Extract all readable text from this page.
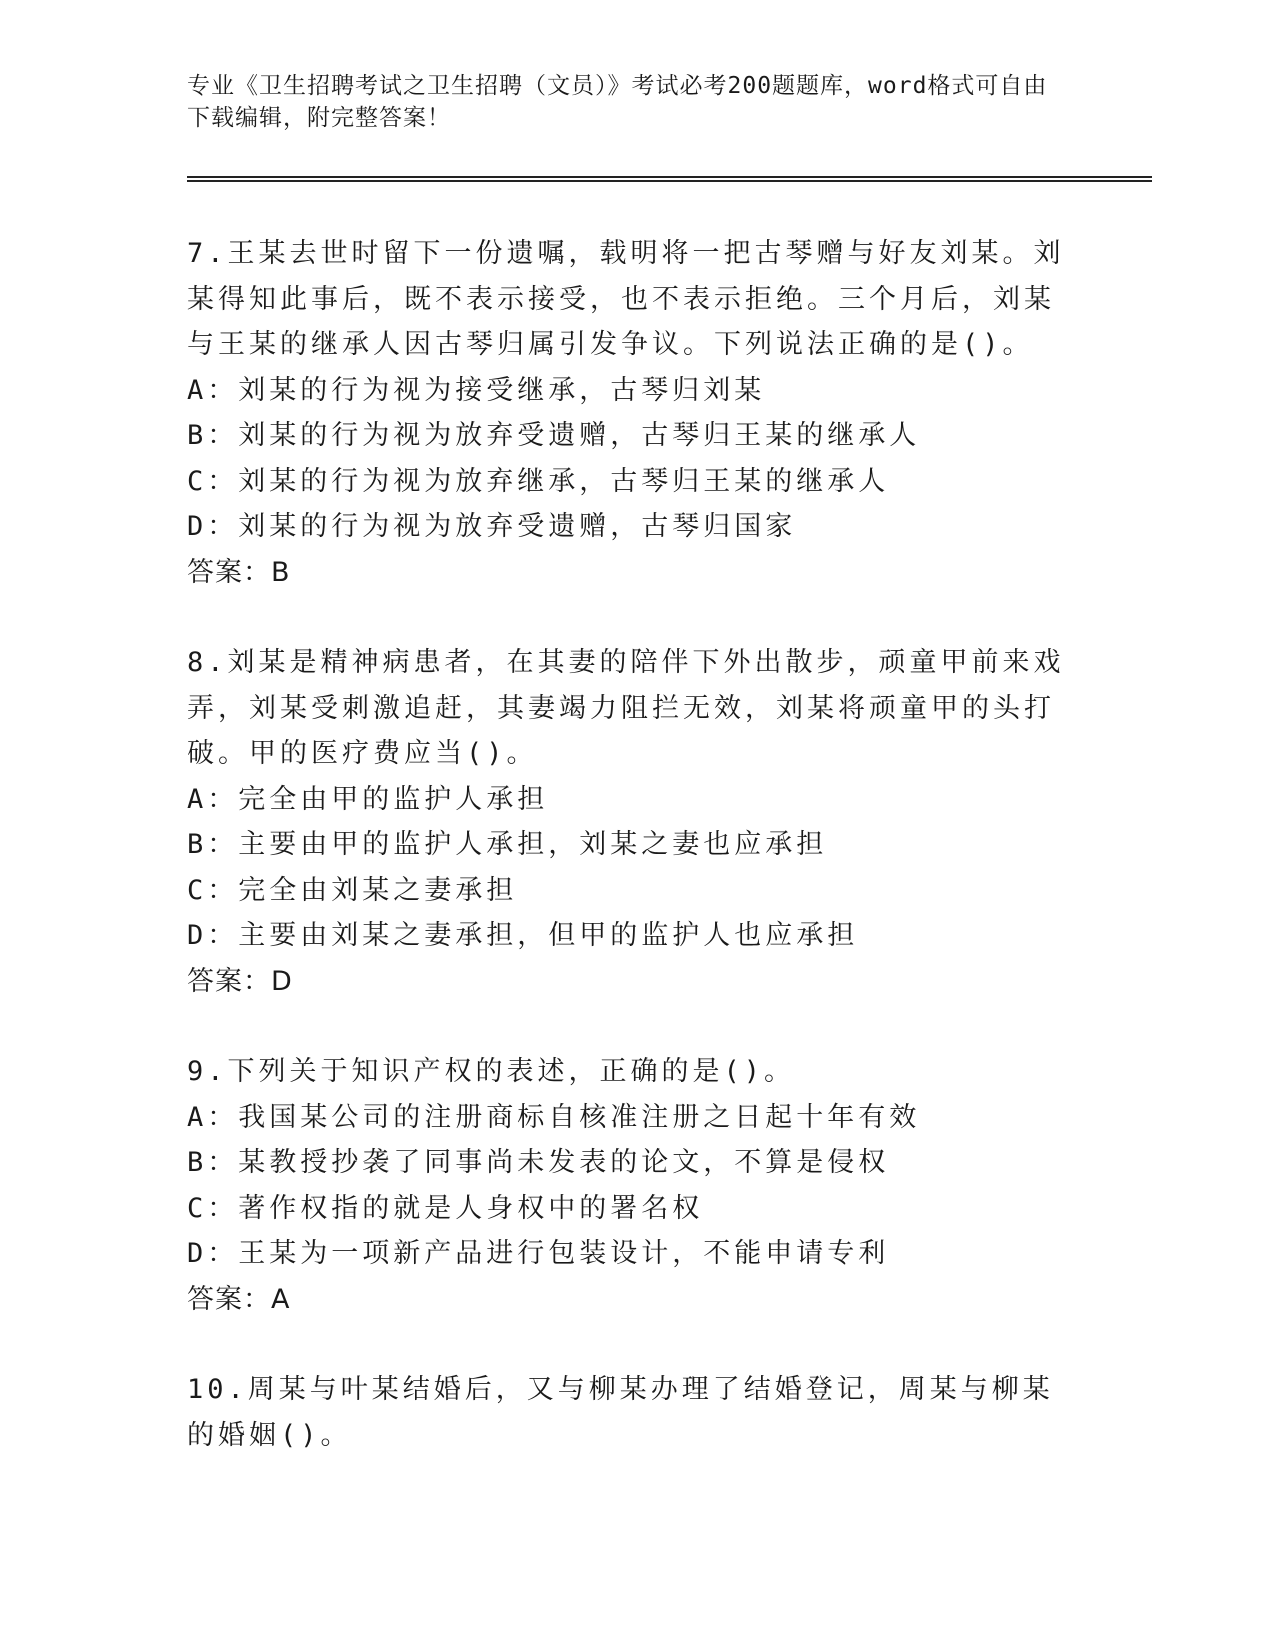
专业《卫生招聘考试之卫生招聘（文员）》考试必考200题题库，word格式可自由下载编辑，附完整答案！

7.王某去世时留下一份遗嘱，载明将一把古琴赠与好友刘某。刘某得知此事后，既不表示接受，也不表示拒绝。三个月后，刘某与王某的继承人因古琴归属引发争议。下列说法正确的是()。

A：刘某的行为视为接受继承，古琴归刘某

B：刘某的行为视为放弃受遗赠，古琴归王某的继承人

C：刘某的行为视为放弃继承，古琴归王某的继承人

D：刘某的行为视为放弃受遗赠，古琴归国家

答案：B

8.刘某是精神病患者，在其妻的陪伴下外出散步，顽童甲前来戏弄，刘某受刺激追赶，其妻竭力阻拦无效，刘某将顽童甲的头打破。甲的医疗费应当()。

A：完全由甲的监护人承担

B：主要由甲的监护人承担，刘某之妻也应承担

C：完全由刘某之妻承担

D：主要由刘某之妻承担，但甲的监护人也应承担

答案：D

9.下列关于知识产权的表述，正确的是()。

A：我国某公司的注册商标自核准注册之日起十年有效

B：某教授抄袭了同事尚未发表的论文，不算是侵权

C：著作权指的就是人身权中的署名权

D：王某为一项新产品进行包装设计，不能申请专利

答案：A

10.周某与叶某结婚后，又与柳某办理了结婚登记，周某与柳某的婚姻()。
